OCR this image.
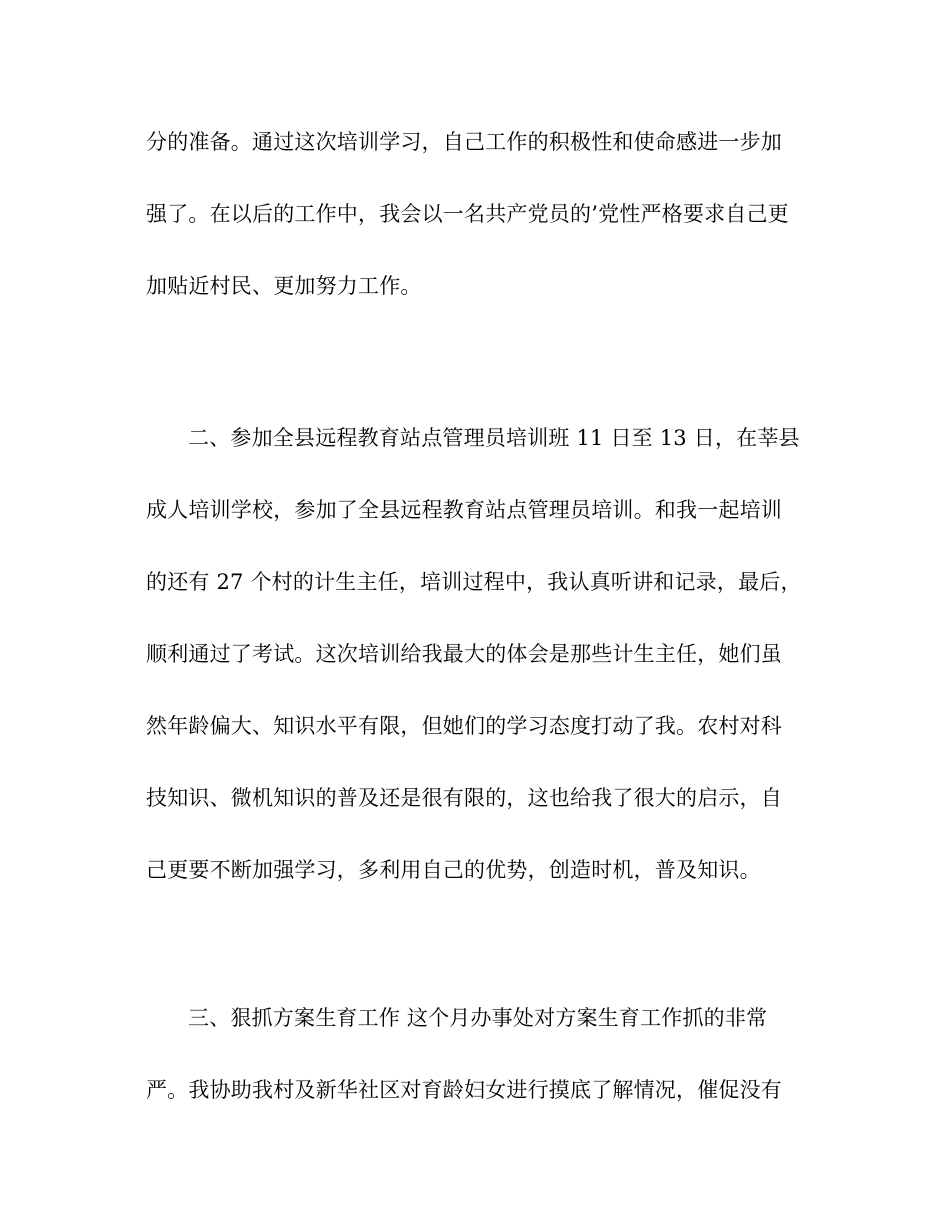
分的准备。通过这次培训学习，自己工作的积极性和使命感进一步加
强了。在以后的工作中，我会以一名共产党员的’党性严格要求自己更
加贴近村民、更加努力工作。
二、参加全县远程教育站点管理员培训班 11 日至 13 日，在莘县
成人培训学校，参加了全县远程教育站点管理员培训。和我一起培训
的还有 27 个村的计生主任，培训过程中，我认真听讲和记录，最后，
顺利通过了考试。这次培训给我最大的体会是那些计生主任，她们虽
然年龄偏大、知识水平有限，但她们的学习态度打动了我。农村对科
技知识、微机知识的普及还是很有限的，这也给我了很大的启示，自
己更要不断加强学习，多利用自己的优势，创造时机，普及知识。
三、狠抓方案生育工作 这个月办事处对方案生育工作抓的非常
严。我协助我村及新华社区对育龄妇女进行摸底了解情况，催促没有
